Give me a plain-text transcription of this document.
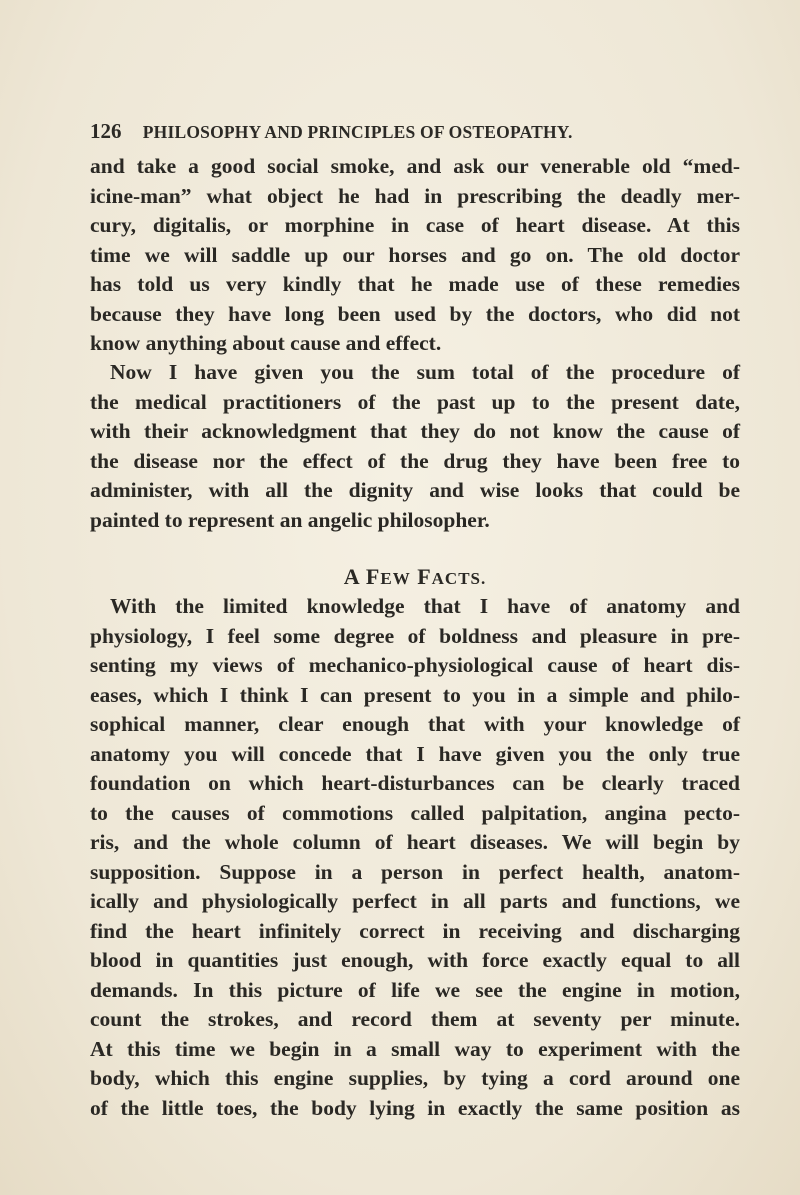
126 PHILOSOPHY AND PRINCIPLES OF OSTEOPATHY.
and take a good social smoke, and ask our venerable old “med-
icine-man” what object he had in prescribing the deadly mer-
cury, digitalis, or morphine in case of heart disease. At this
time we will saddle up our horses and go on. The old doctor
has told us very kindly that he made use of these remedies
because they have long been used by the doctors, who did not
know anything about cause and effect.
Now I have given you the sum total of the procedure of
the medical practitioners of the past up to the present date,
with their acknowledgment that they do not know the cause of
the disease nor the effect of the drug they have been free to
administer, with all the dignity and wise looks that could be
painted to represent an angelic philosopher.
A FEW FACTS.
With the limited knowledge that I have of anatomy and
physiology, I feel some degree of boldness and pleasure in pre-
senting my views of mechanico-physiological cause of heart dis-
eases, which I think I can present to you in a simple and philo-
sophical manner, clear enough that with your knowledge of
anatomy you will concede that I have given you the only true
foundation on which heart-disturbances can be clearly traced
to the causes of commotions called palpitation, angina pecto-
ris, and the whole column of heart diseases. We will begin by
supposition. Suppose in a person in perfect health, anatom-
ically and physiologically perfect in all parts and functions, we
find the heart infinitely correct in receiving and discharging
blood in quantities just enough, with force exactly equal to all
demands. In this picture of life we see the engine in motion,
count the strokes, and record them at seventy per minute.
At this time we begin in a small way to experiment with the
body, which this engine supplies, by tying a cord around one
of the little toes, the body lying in exactly the same position as
